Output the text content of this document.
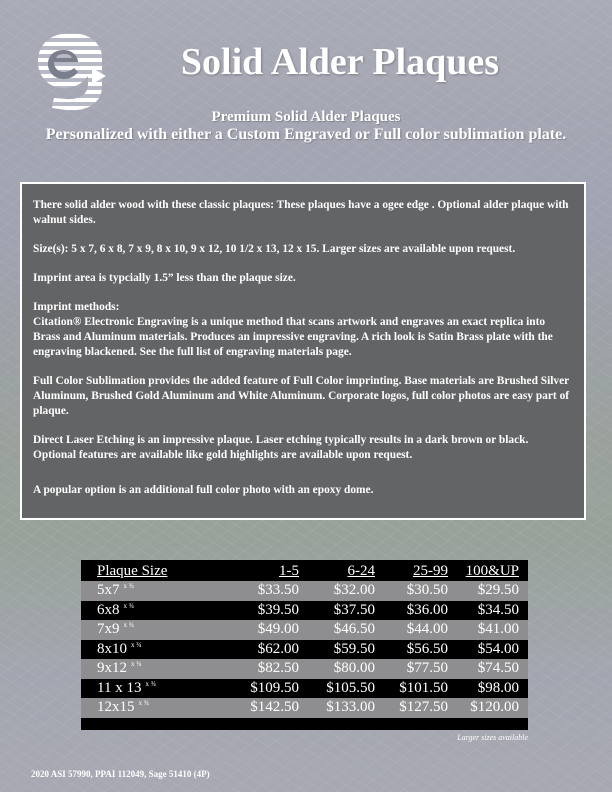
Solid Alder Plaques
Premium Solid Alder Plaques
Personalized with either a Custom Engraved or Full color sublimation plate.

There solid alder wood with these classic plaques: These plaques have a ogee edge . Optional alder plaque with walnut sides.

Size(s): 5 x 7, 6 x 8, 7 x 9, 8 x 10, 9 x 12, 10 1/2 x 13, 12 x 15. Larger sizes are available upon request.

Imprint area is typcially 1.5” less than the plaque size.

Imprint methods:

Citation® Electronic Engraving is a unique method that scans artwork and engraves an exact replica into Brass and Aluminum materials. Produces an impressive engraving. A rich look is Satin Brass plate with the engraving blackened. See the full list of engraving materials page.

Full Color Sublimation provides the added feature of Full Color imprinting. Base materials are Brushed Silver Aluminum, Brushed Gold Aluminum and White Aluminum. Corporate logos, full color photos are easy part of plaque.

Direct Laser Etching is an impressive plaque. Laser etching typically results in a dark brown or black. Optional features are available like gold highlights are available upon request.

A popular option is an additional full color photo with an epoxy dome.

Plaque Size	1-5	6-24	25-99	100&UP
5x7 $^{x \frac{3}{4}}$	$33.50	$32.00	$30.50	$29.50
6x8 $^{x \frac{3}{4}}$	$39.50	$37.50	$36.00	$34.50
7x9 $^{x \frac{3}{4}}$	$49.00	$46.50	$44.00	$41.00
8x10 $^{x \frac{3}{4}}$	$62.00	$59.50	$56.50	$54.00
9x12 $^{x \frac{3}{4}}$	$82.50	$80.00	$77.50	$74.50
11 x 13 $^{x \frac{3}{4}}$	$109.50	$105.50	$101.50	$98.00
12x15 $^{x \frac{3}{4}}$	$142.50	$133.00	$127.50	$120.00
Larger sizes available
2020 ASI 57990, PPAI 112049, Sage 51410 (4P)
